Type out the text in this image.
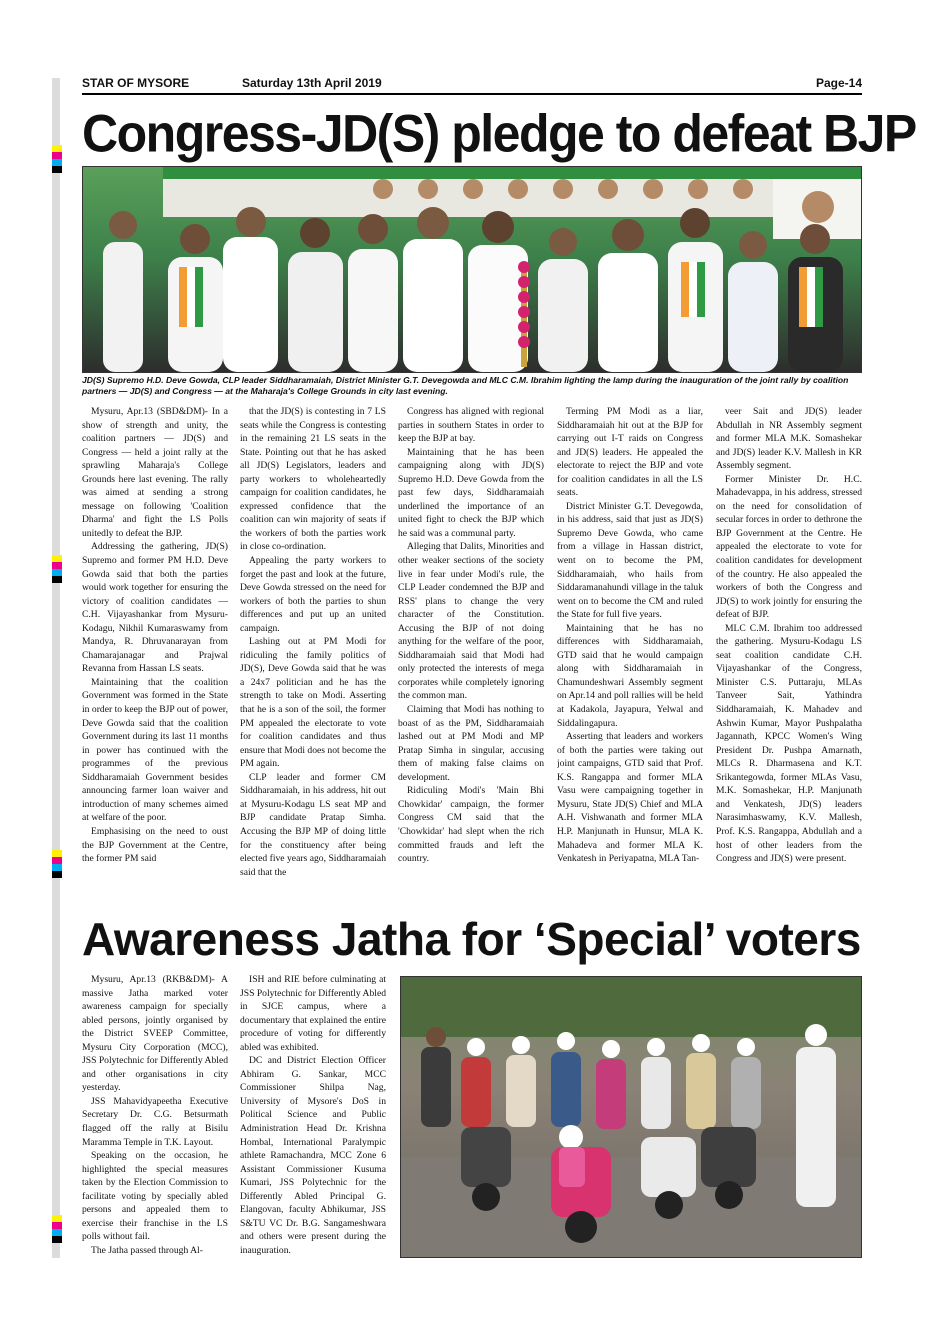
STAR OF MYSORE	Saturday 13th April 2019	Page-14
Congress-JD(S) pledge to defeat BJP
JD(S) Supremo H.D. Deve Gowda, CLP leader Siddharamaiah, District Minister G.T. Devegowda and MLC C.M. Ibrahim lighting the lamp during the inauguration of the joint rally by coalition partners — JD(S) and Congress — at the Maharaja's College Grounds in city last evening.

Mysuru, Apr.13 (SBD&DM)- In a show of strength and unity, the coalition partners — JD(S) and Congress — held a joint rally at the sprawling Maharaja's College Grounds here last evening. The rally was aimed at sending a strong message on following 'Coalition Dharma' and fight the LS Polls unitedly to defeat the BJP.

Addressing the gathering, JD(S) Supremo and former PM H.D. Deve Gowda said that both the parties would work together for ensuring the victory of coalition candidates — C.H. Vijayashankar from Mysuru-Kodagu, Nikhil Kumaraswamy from Mandya, R. Dhruvanarayan from Chamarajanagar and Prajwal Revanna from Hassan LS seats.

Maintaining that the coalition Government was formed in the State in order to keep the BJP out of power, Deve Gowda said that the coalition Government during its last 11 months in power has continued with the programmes of the previous Siddharamaiah Government besides announcing farmer loan waiver and introduction of many schemes aimed at welfare of the poor.

Emphasising on the need to oust the BJP Government at the Centre, the former PM said

that the JD(S) is contesting in 7 LS seats while the Congress is contesting in the remaining 21 LS seats in the State. Pointing out that he has asked all JD(S) Legislators, leaders and party workers to wholeheartedly campaign for coalition candidates, he expressed confidence that the coalition can win majority of seats if the workers of both the parties work in close co-ordination.

Appealing the party workers to forget the past and look at the future, Deve Gowda stressed on the need for workers of both the parties to shun differences and put up an united campaign.

Lashing out at PM Modi for ridiculing the family politics of JD(S), Deve Gowda said that he was a 24x7 politician and he has the strength to take on Modi. Asserting that he is a son of the soil, the former PM appealed the electorate to vote for coalition candidates and thus ensure that Modi does not become the PM again.

CLP leader and former CM Siddharamaiah, in his address, hit out at Mysuru-Kodagu LS seat MP and BJP candidate Pratap Simha. Accusing the BJP MP of doing little for the constituency after being elected five years ago, Siddharamaiah said that the

Congress has aligned with regional parties in southern States in order to keep the BJP at bay.

Maintaining that he has been campaigning along with JD(S) Supremo H.D. Deve Gowda from the past few days, Siddharamaiah underlined the importance of an united fight to check the BJP which he said was a communal party.

Alleging that Dalits, Minorities and other weaker sections of the society live in fear under Modi's rule, the CLP Leader condemned the BJP and RSS' plans to change the very character of the Constitution. Accusing the BJP of not doing anything for the welfare of the poor, Siddharamaiah said that Modi had only protected the interests of mega corporates while completely ignoring the common man.

Claiming that Modi has nothing to boast of as the PM, Siddharamaiah lashed out at PM Modi and MP Pratap Simha in singular, accusing them of making false claims on development.

Ridiculing Modi's 'Main Bhi Chowkidar' campaign, the former Congress CM said that the 'Chowkidar' had slept when the rich committed frauds and left the country.

Terming PM Modi as a liar, Siddharamaiah hit out at the BJP for carrying out I-T raids on Congress and JD(S) leaders. He appealed the electorate to reject the BJP and vote for coalition candidates in all the LS seats.

District Minister G.T. Devegowda, in his address, said that just as JD(S) Supremo Deve Gowda, who came from a village in Hassan district, went on to become the PM, Siddharamaiah, who hails from Siddaramanahundi village in the taluk went on to become the CM and ruled the State for full five years.

Maintaining that he has no differences with Siddharamaiah, GTD said that he would campaign along with Siddharamaiah in Chamundeshwari Assembly segment on Apr.14 and poll rallies will be held at Kadakola, Jayapura, Yelwal and Siddalingapura.

Asserting that leaders and workers of both the parties were taking out joint campaigns, GTD said that Prof. K.S. Rangappa and former MLA Vasu were campaigning together in Mysuru, State JD(S) Chief and MLA A.H. Vishwanath and former MLA H.P. Manjunath in Hunsur, MLA K. Mahadeva and former MLA K. Venkatesh in Periyapatna, MLA Tan-

veer Sait and JD(S) leader Abdullah in NR Assembly segment and former MLA M.K. Somashekar and JD(S) leader K.V. Mallesh in KR Assembly segment.

Former Minister Dr. H.C. Mahadevappa, in his address, stressed on the need for consolidation of secular forces in order to dethrone the BJP Government at the Centre. He appealed the electorate to vote for coalition candidates for development of the country. He also appealed the workers of both the Congress and JD(S) to work jointly for ensuring the defeat of BJP.

MLC C.M. Ibrahim too addressed the gathering. Mysuru-Kodagu LS seat coalition candidate C.H. Vijayashankar of the Congress, Minister C.S. Puttaraju, MLAs Tanveer Sait, Yathindra Siddharamaiah, K. Mahadev and Ashwin Kumar, Mayor Pushpalatha Jagannath, KPCC Women's Wing President Dr. Pushpa Amarnath, MLCs R. Dharmasena and K.T. Srikantegowda, former MLAs Vasu, M.K. Somashekar, H.P. Manjunath and Venkatesh, JD(S) leaders Narasimhaswamy, K.V. Mallesh, Prof. K.S. Rangappa, Abdullah and a host of other leaders from the Congress and JD(S) were present.

Awareness Jatha for ‘Special’ voters

Mysuru, Apr.13 (RKB&DM)- A massive Jatha marked voter awareness campaign for specially abled persons, jointly organised by the District SVEEP Committee, Mysuru City Corporation (MCC), JSS Polytechnic for Differently Abled and other organisations in city yesterday.

JSS Mahavidyapeetha Executive Secretary Dr. C.G. Betsurmath flagged off the rally at Bisilu Maramma Temple in T.K. Layout.

Speaking on the occasion, he highlighted the special measures taken by the Election Commission to facilitate voting by specially abled persons and appealed them to exercise their franchise in the LS polls without fail.

The Jatha passed through Al-

ISH and RIE before culminating at JSS Polytechnic for Differently Abled in SJCE campus, where a documentary that explained the entire procedure of voting for differently abled was exhibited.

DC and District Election Officer Abhiram G. Sankar, MCC Commissioner Shilpa Nag, University of Mysore's DoS in Political Science and Public Administration Head Dr. Krishna Hombal, International Paralympic athlete Ramachandra, MCC Zone 6 Assistant Commissioner Kusuma Kumari, JSS Polytechnic for the Differently Abled Principal G. Elangovan, faculty Abhikumar, JSS S&TU VC Dr. B.G. Sangameshwara and others were present during the inauguration.
